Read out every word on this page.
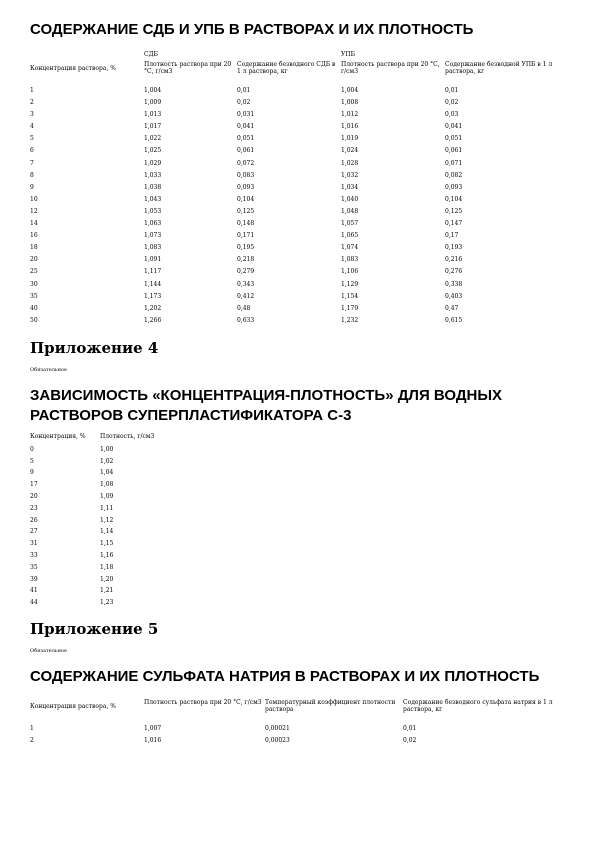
СОДЕРЖАНИЕ СДБ И УПБ В РАСТВОРАХ И ИХ ПЛОТНОСТЬ
	СДБ		УПБ	
Концентрация раствора, %	Плотность раствора при 20 °С, г/см3	Содержание безводного СДБ в 1 л раствора, кг	Плотность раствора при 20 °С, г/см3	Содержание безводной УПБ в 1 л раствора, кг
1	1,004	0,01	1,004	0,01
2	1,009	0,02	1,008	0,02
3	1,013	0,031	1,012	0,03
4	1,017	0,041	1,016	0,041
5	1,022	0,051	1,019	0,051
6	1,025	0,061	1,024	0,061
7	1,029	0,072	1,028	0,071
8	1,033	0,083	1,032	0,082
9	1,038	0,093	1,034	0,093
10	1,043	0,104	1,040	0,104
12	1,053	0,125	1,048	0,125
14	1,063	0,148	1,057	0,147
16	1,073	0,171	1,065	0,17
18	1,083	0,195	1,074	0,193
20	1,091	0,218	1,083	0,216
25	1,117	0,279	1,106	0,276
30	1,144	0,343	1,129	0,338
35	1,173	0,412	1,154	0,403
40	1,202	0,48	1,179	0,47
50	1,266	0,633	1,232	0,615
Приложение 4
Обязательное
ЗАВИСИМОСТЬ «КОНЦЕНТРАЦИЯ-ПЛОТНОСТЬ» ДЛЯ ВОДНЫХ РАСТВОРОВ СУПЕРПЛАСТИФИКАТОРА С-3
Концентрация, %	Плотность, г/см3
0	1,00
5	1,02
9	1,04
17	1,08
20	1,09
23	1,11
26	1,12
27	1,14
31	1,15
33	1,16
35	1,18
39	1,20
41	1,21
44	1,23
Приложение 5
Обязательное
СОДЕРЖАНИЕ СУЛЬФАТА НАТРИЯ В РАСТВОРАХ И ИХ ПЛОТНОСТЬ
Концентрация раствора, %	Плотность раствора при 20 °С, г/см3	Температурный коэффициент плотности раствора	Содержание безводного сульфата натрия в 1 л раствора, кг
1	1,007	0,00021	0,01
2	1,016	0,00023	0,02
